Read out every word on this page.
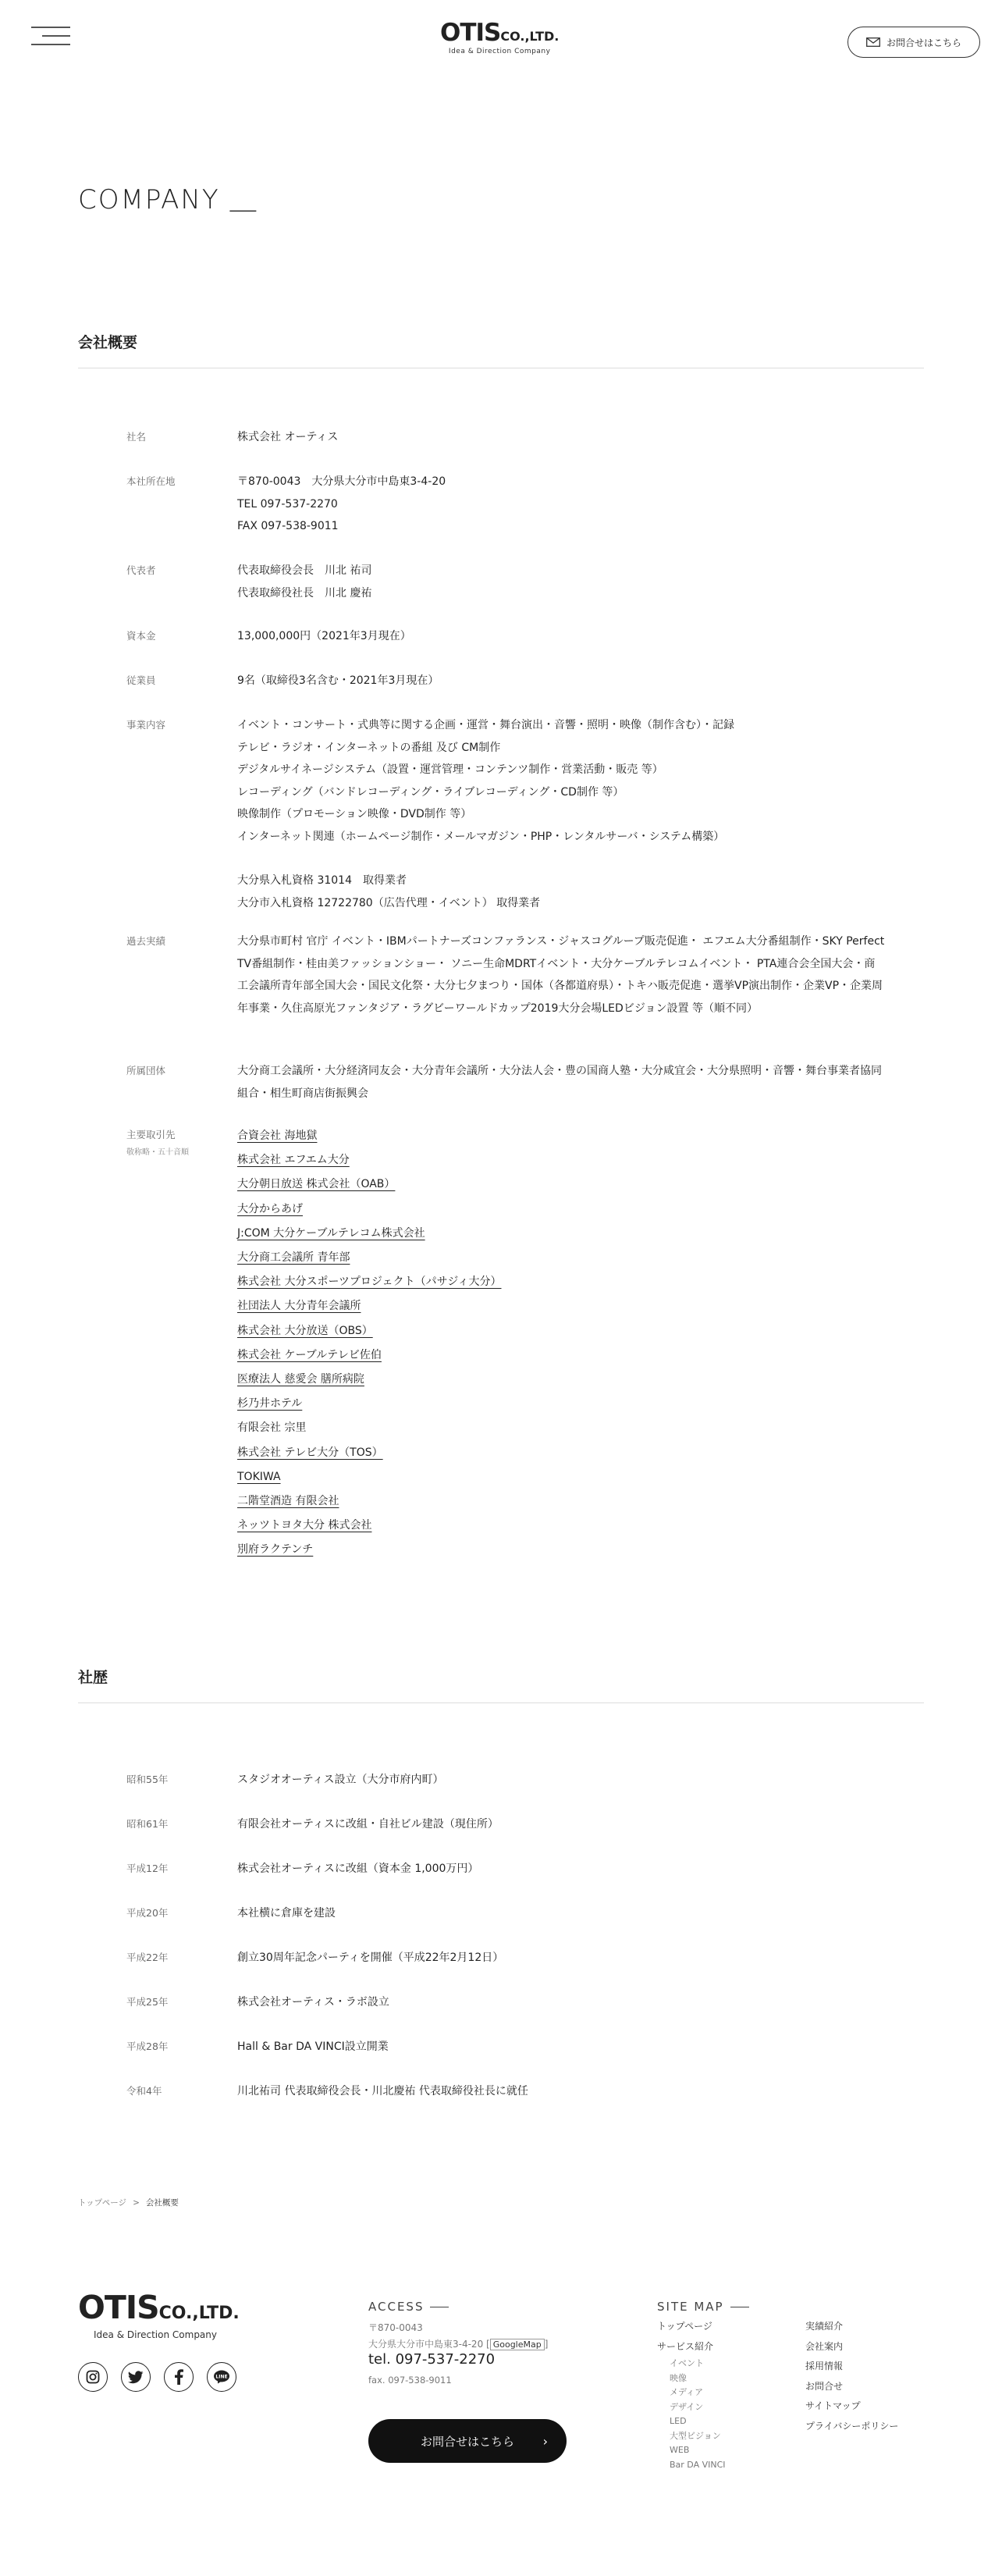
OTISCO.,LTD.
Idea & Direction Company
お問合せはこちら
COMPANY ＿
会社概要
社名	株式会社 オーティス

本社所在地	〒870-0043　大分県大分市中島東3-4-20

TEL 097-537-2270

FAX 097-538-9011

代表者	代表取締役会長　川北 祐司

代表取締役社長　川北 慶祐

資本金	13,000,000円（2021年3月現在）

従業員	9名（取締役3名含む・2021年3月現在）

事業内容	イベント・コンサート・式典等に関する企画・運営・舞台演出・音響・照明・映像（制作含む）・記録

テレビ・ラジオ・インターネットの番組 及び CM制作

デジタルサイネージシステム（設置・運営管理・コンテンツ制作・営業活動・販売 等）

レコーディング（バンドレコーディング・ライブレコーディング・CD制作 等）

映像制作（プロモーション映像・DVD制作 等）

インターネット関連（ホームページ制作・メールマガジン・PHP・レンタルサーバ・システム構築）

大分県入札資格 31014　取得業者

大分市入札資格 12722780（広告代理・イベント） 取得業者

過去実績	大分県市町村 官庁 イベント・IBMパートナーズコンファランス・ジャスコグループ販売促進・ エフエム大分番組制作・SKY Perfect TV番組制作・桂由美ファッションショー・ ソニー生命MDRTイベント・大分ケーブルテレコムイベント・ PTA連合会全国大会・商工会議所青年部全国大会・国民文化祭・大分七夕まつり・国体（各都道府県）・トキハ販売促進・選挙VP演出制作・企業VP・企業周年事業・久住高原光ファンタジア・ラグビーワールドカップ2019大分会場LEDビジョン設置 等（順不同）

所属団体	大分商工会議所・大分経済同友会・大分青年会議所・大分法人会・豊の国商人塾・大分咸宜会・大分県照明・音響・舞台事業者協同組合・相生町商店街振興会

主要取引先
敬称略・五十音順
合資会社 海地獄
株式会社 エフエム大分
大分朝日放送 株式会社（OAB）
大分からあげ
J:COM 大分ケーブルテレコム株式会社
大分商工会議所 青年部
株式会社 大分スポーツプロジェクト（パサジィ大分）
社団法人 大分青年会議所
株式会社 大分放送（OBS）
株式会社 ケーブルテレビ佐伯
医療法人 慈愛会 膳所病院
杉乃井ホテル
有限会社 宗里
株式会社 テレビ大分（TOS）
TOKIWA
二階堂酒造 有限会社
ネッツトヨタ大分 株式会社
別府ラクテンチ
社歴
昭和55年	スタジオオーティス設立（大分市府内町）
昭和61年	有限会社オーティスに改組・自社ビル建設（現住所）
平成12年	株式会社オーティスに改組（資本金 1,000万円）
平成20年	本社横に倉庫を建設
平成22年	創立30周年記念パーティを開催（平成22年2月12日）
平成25年	株式会社オーティス・ラボ設立
平成28年	Hall & Bar DA VINCI設立開業
令和4年	川北祐司 代表取締役会長・川北慶祐 代表取締役社長に就任
トップページ > 会社概要
OTISCO.,LTD.
Idea & Direction Company
LINE
ACCESS
〒870-0043
大分県大分市中島東3-4-20 [ GoogleMap ]
tel. 097-537-2270
fax. 097-538-9011
お問合せはこちら ›
SITE MAP
トップページ
サービス紹介
イベント
映像
メディア
デザイン
LED
大型ビジョン
WEB
Bar DA VINCI
実績紹介
会社案内
採用情報
お問合せ
サイトマップ
プライバシーポリシー
